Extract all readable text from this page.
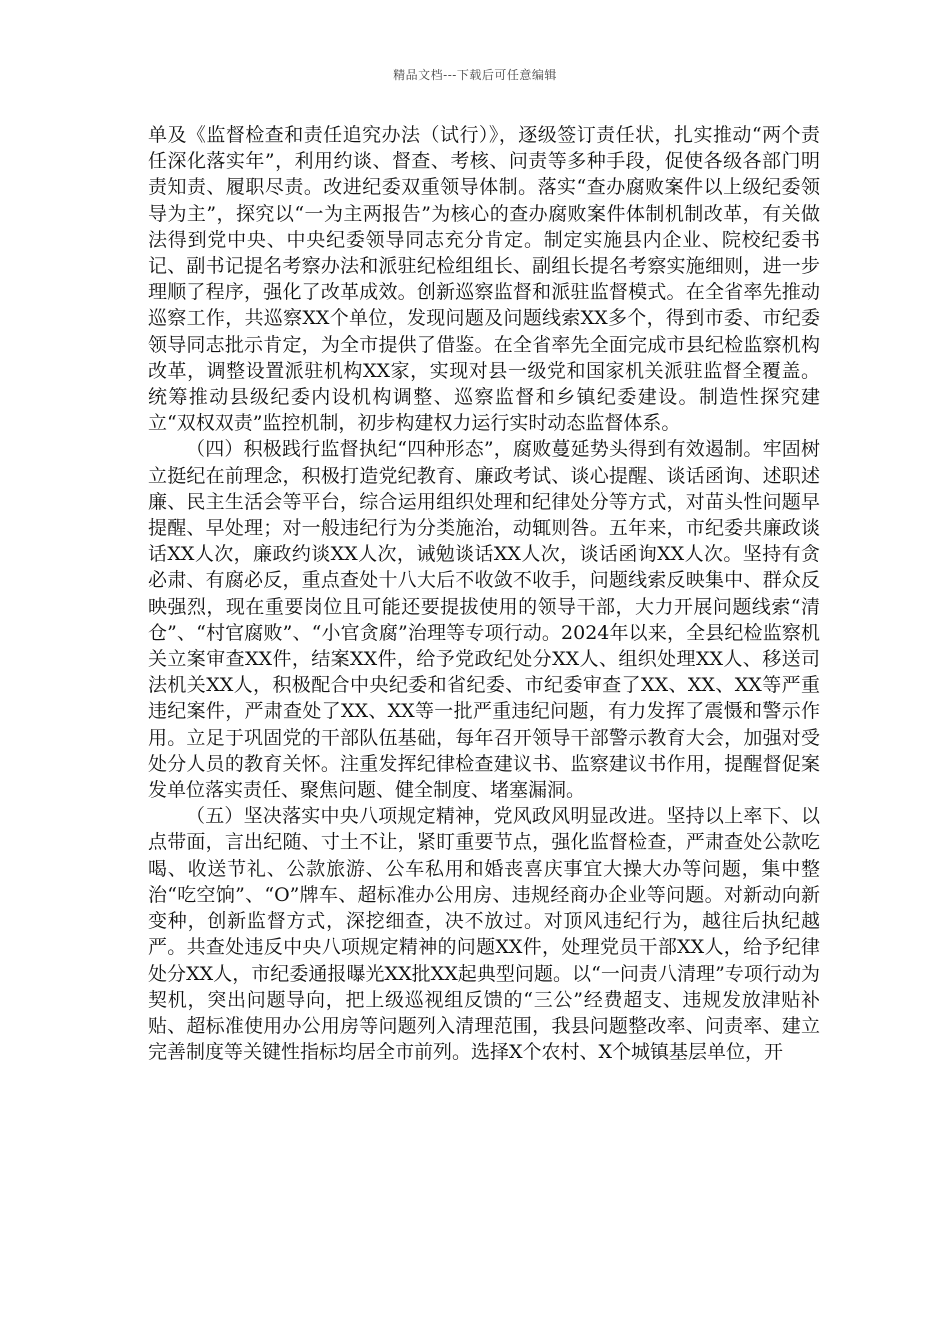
精品文档---下载后可任意编辑

单及《监督检查和责任追究办法（试行）》，逐级签订责任状，扎实推动“两个责任深化落实年”，利用约谈、督查、考核、问责等多种手段，促使各级各部门明责知责、履职尽责。改进纪委双重领导体制。落实“查办腐败案件以上级纪委领导为主”，探究以“一为主两报告”为核心的查办腐败案件体制机制改革，有关做法得到党中央、中央纪委领导同志充分肯定。制定实施县内企业、院校纪委书记、副书记提名考察办法和派驻纪检组组长、副组长提名考察实施细则，进一步理顺了程序，强化了改革成效。创新巡察监督和派驻监督模式。在全省率先推动巡察工作，共巡察XX个单位，发现问题及问题线索XX多个，得到市委、市纪委领导同志批示肯定，为全市提供了借鉴。在全省率先全面完成市县纪检监察机构改革，调整设置派驻机构XX家，实现对县一级党和国家机关派驻监督全覆盖。统筹推动县级纪委内设机构调整、巡察监督和乡镇纪委建设。制造性探究建立“双权双责”监控机制，初步构建权力运行实时动态监督体系。

（四）积极践行监督执纪“四种形态”，腐败蔓延势头得到有效遏制。牢固树立挺纪在前理念，积极打造党纪教育、廉政考试、谈心提醒、谈话函询、述职述廉、民主生活会等平台，综合运用组织处理和纪律处分等方式，对苗头性问题早提醒、早处理；对一般违纪行为分类施治，动辄则咎。五年来，市纪委共廉政谈话XX人次，廉政约谈XX人次，诫勉谈话XX人次，谈话函询XX人次。坚持有贪必肃、有腐必反，重点查处十八大后不收敛不收手，问题线索反映集中、群众反映强烈，现在重要岗位且可能还要提拔使用的领导干部，大力开展问题线索“清仓”、“村官腐败”、“小官贪腐”治理等专项行动。2024年以来，全县纪检监察机关立案审查XX件，结案XX件，给予党政纪处分XX人、组织处理XX人、移送司法机关XX人，积极配合中央纪委和省纪委、市纪委审查了XX、XX、XX等严重违纪案件，严肃查处了XX、XX等一批严重违纪问题，有力发挥了震慑和警示作用。立足于巩固党的干部队伍基础，每年召开领导干部警示教育大会，加强对受处分人员的教育关怀。注重发挥纪律检查建议书、监察建议书作用，提醒督促案发单位落实责任、聚焦问题、健全制度、堵塞漏洞。

（五）坚决落实中央八项规定精神，党风政风明显改进。坚持以上率下、以点带面，言出纪随、寸土不让，紧盯重要节点，强化监督检查，严肃查处公款吃喝、收送节礼、公款旅游、公车私用和婚丧喜庆事宜大操大办等问题，集中整治“吃空饷”、“O”牌车、超标准办公用房、违规经商办企业等问题。对新动向新变种，创新监督方式，深挖细查，决不放过。对顶风违纪行为，越往后执纪越严。共查处违反中央八项规定精神的问题XX件，处理党员干部XX人，给予纪律处分XX人，市纪委通报曝光XX批XX起典型问题。以“一问责八清理”专项行动为契机，突出问题导向，把上级巡视组反馈的“三公”经费超支、违规发放津贴补贴、超标准使用办公用房等问题列入清理范围，我县问题整改率、问责率、建立完善制度等关键性指标均居全市前列。选择X个农村、X个城镇基层单位，开
